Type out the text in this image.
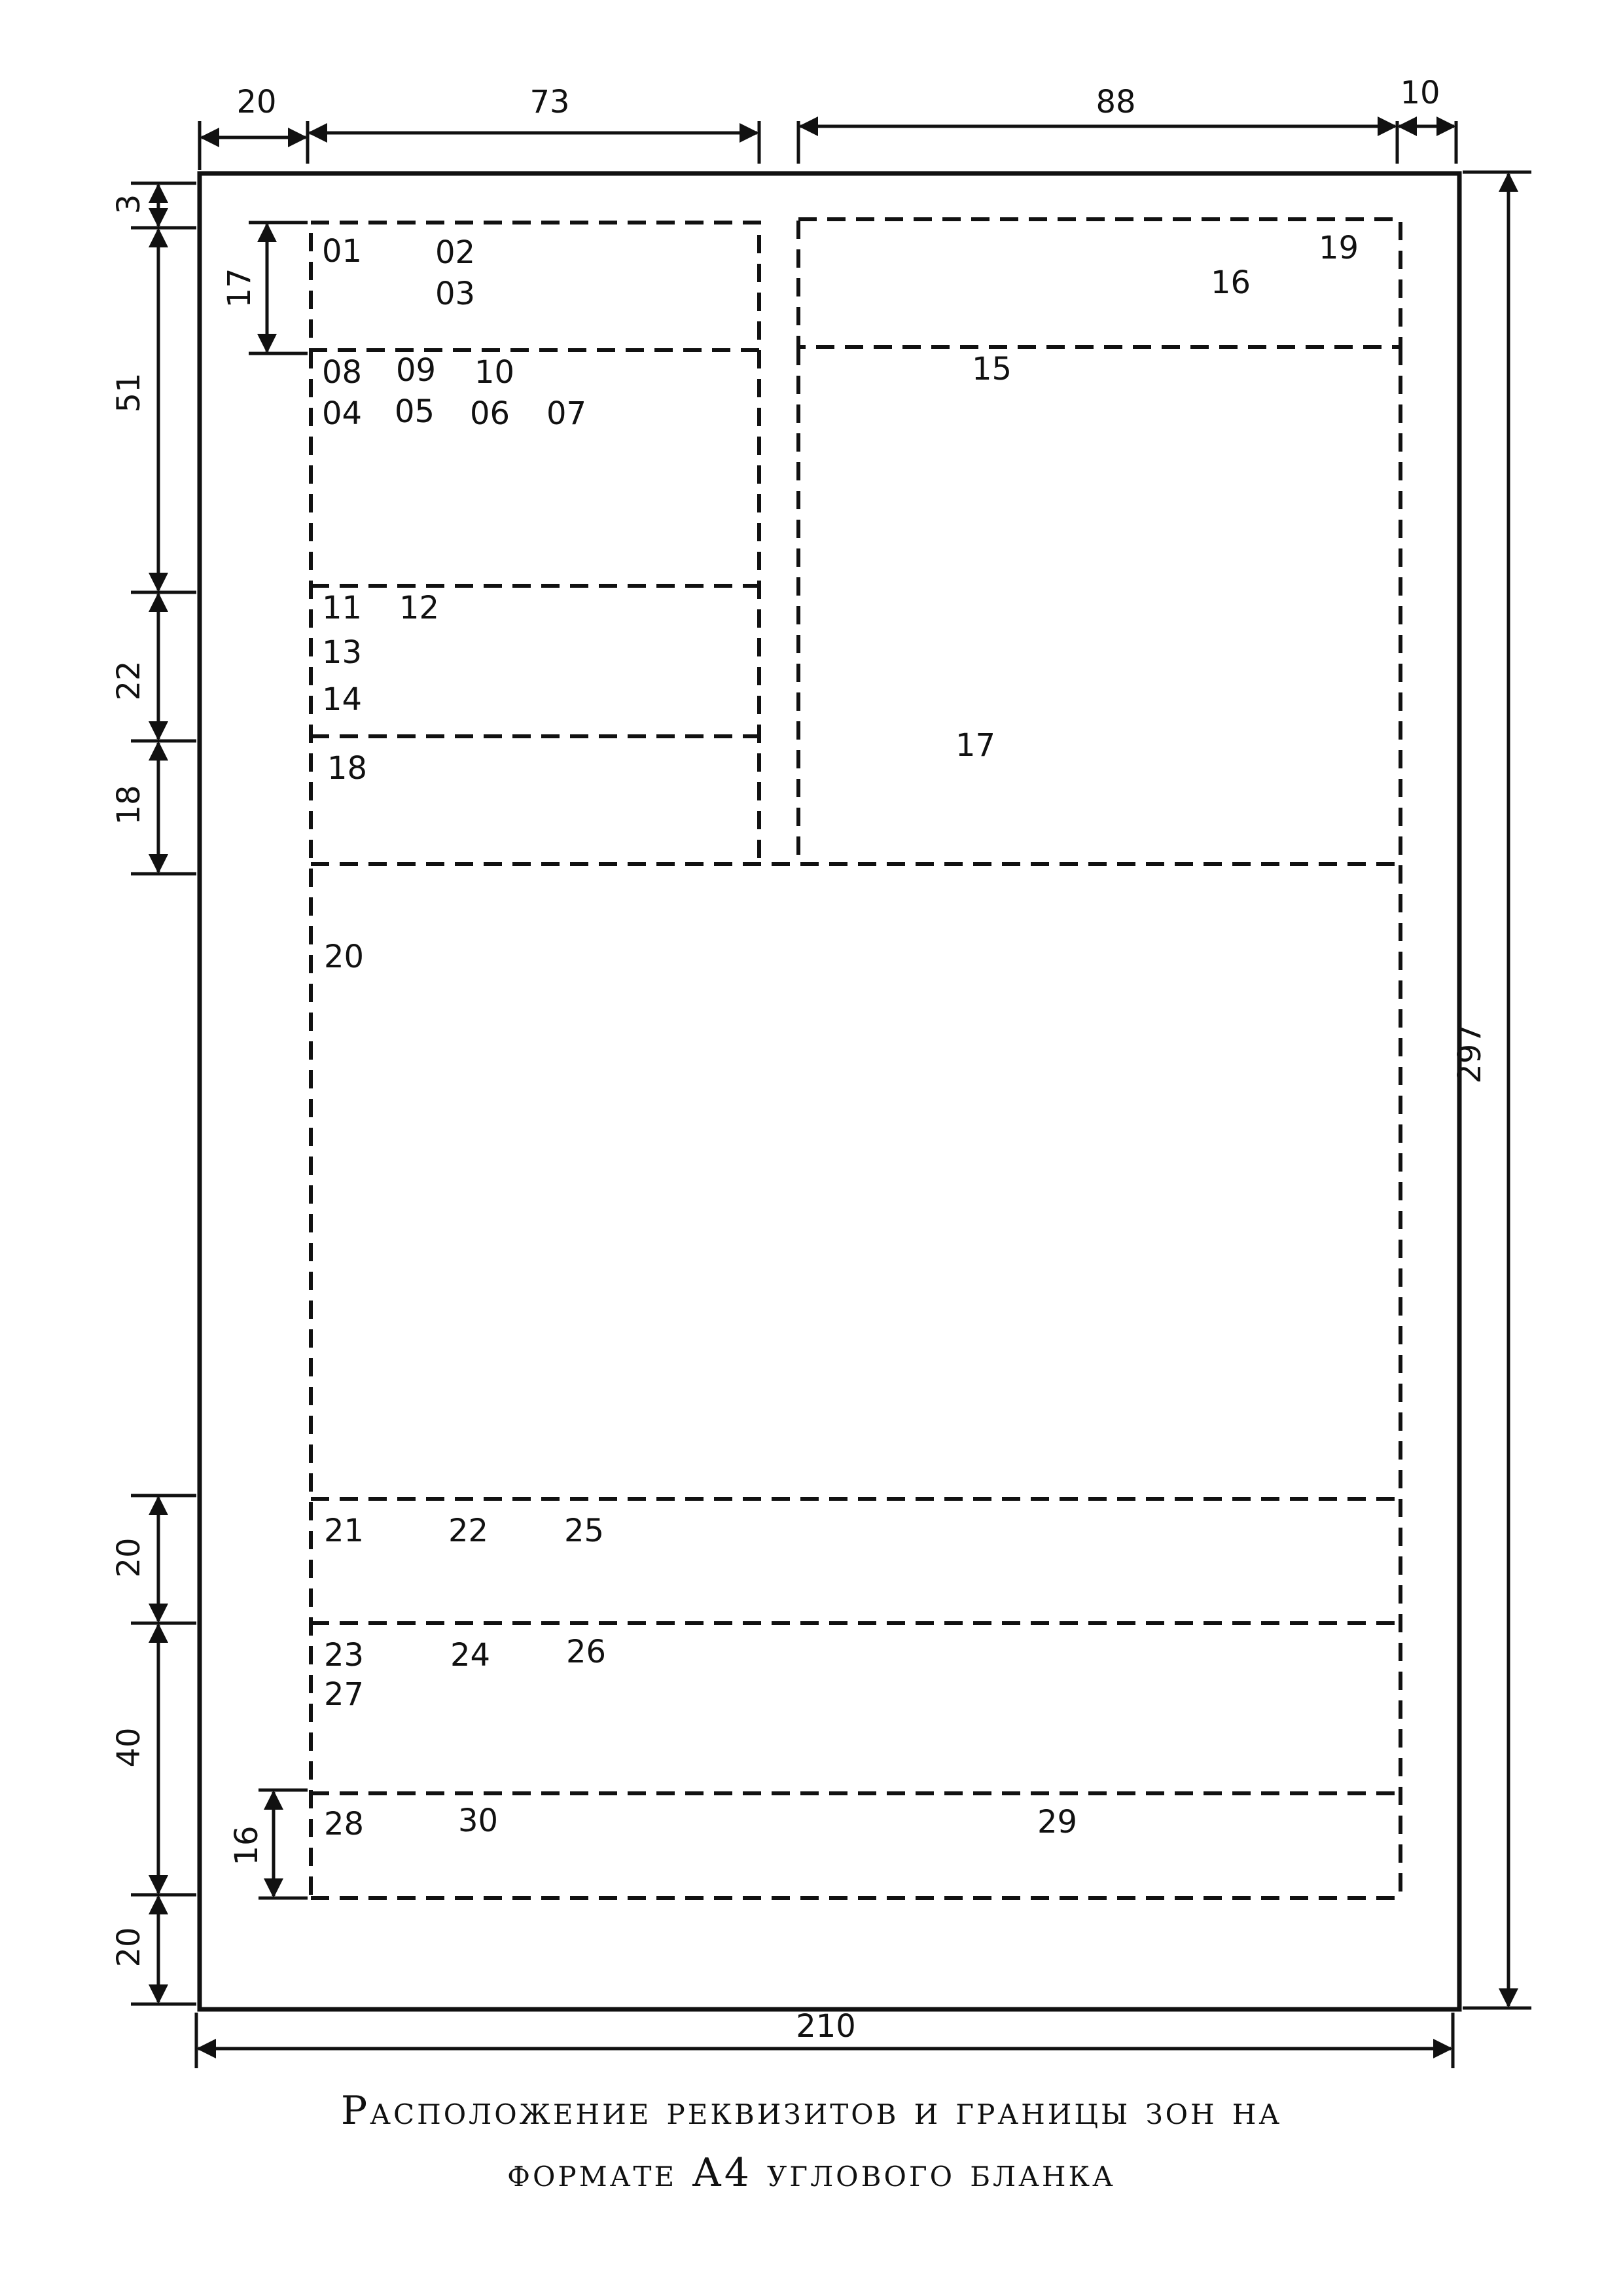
20	73	88	10
3
51
22
18
20
40
20
17
16
297
210
01 02
03
08 09 10
04 05 06 07
11 12
13
14
18
19
16
15
17
20
21	22 25
23	24 26
27
28	30	29
Расположение реквизитов и границы зон на
формате А4 углового бланка
